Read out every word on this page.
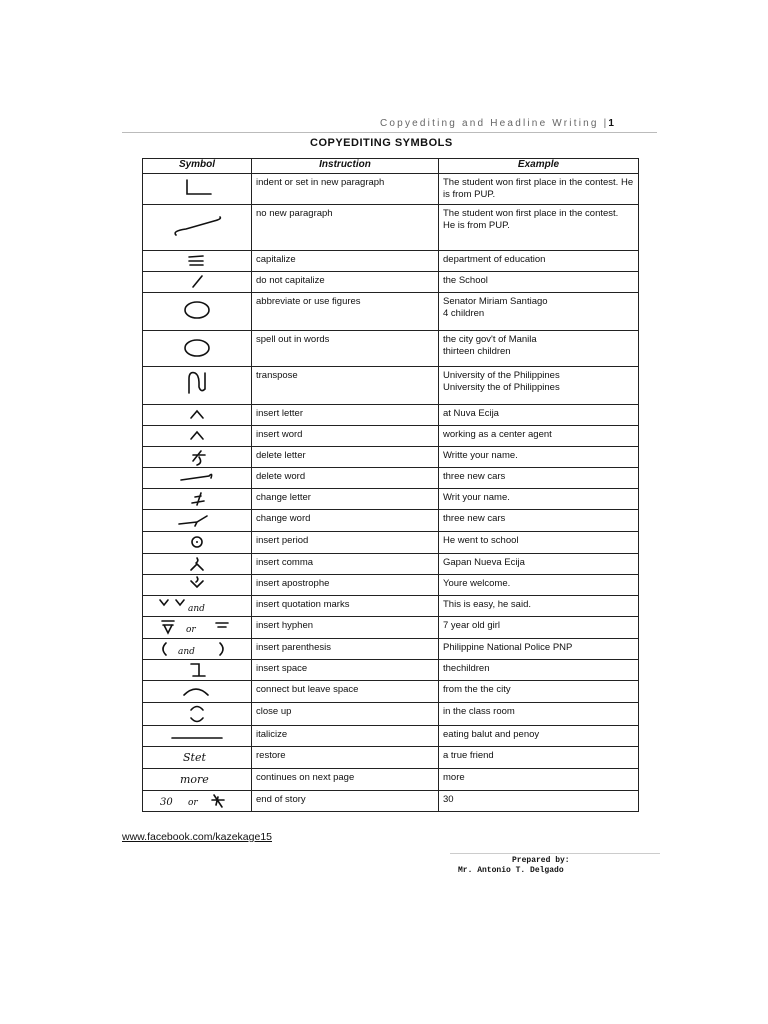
Copyediting and Headline Writing |1
COPYEDITING SYMBOLS
Symbol	Instruction	Example

	indent or set in new paragraph	The student won first place in the contest. He is from PUP.

	no new paragraph	The student won first place in the contest.
He is from PUP.

	capitalize	department of education

	do not capitalize	the School

	abbreviate or use figures	Senator Miriam Santiago
4 children

	spell out in words	the city gov't of Manila
thirteen children

	transpose	University of the Philippines
University the of Philippines

	insert letter	at Nuva Ecija

	insert word	working as a center agent

	delete letter	Writte your name.

	delete word	three new cars

	change letter	Writ your name.

	change word	three new cars

	insert period	He went to school

	insert comma	Gapan Nueva Ecija

	insert apostrophe	Youre welcome.

and	insert quotation marks	This is easy, he said.

or	insert hyphen	7 year old girl

and	insert parenthesis	Philippine National Police PNP

	insert space	thechildren

	connect but leave space	from the the city

	close up	in the class room

	italicize	eating balut and penoy

Stet	restore	a true friend

more	continues on next page	more

30 or	end of story	30
www.facebook.com/kazekage15
Prepared by:
Mr. Antonio T. Delgado
